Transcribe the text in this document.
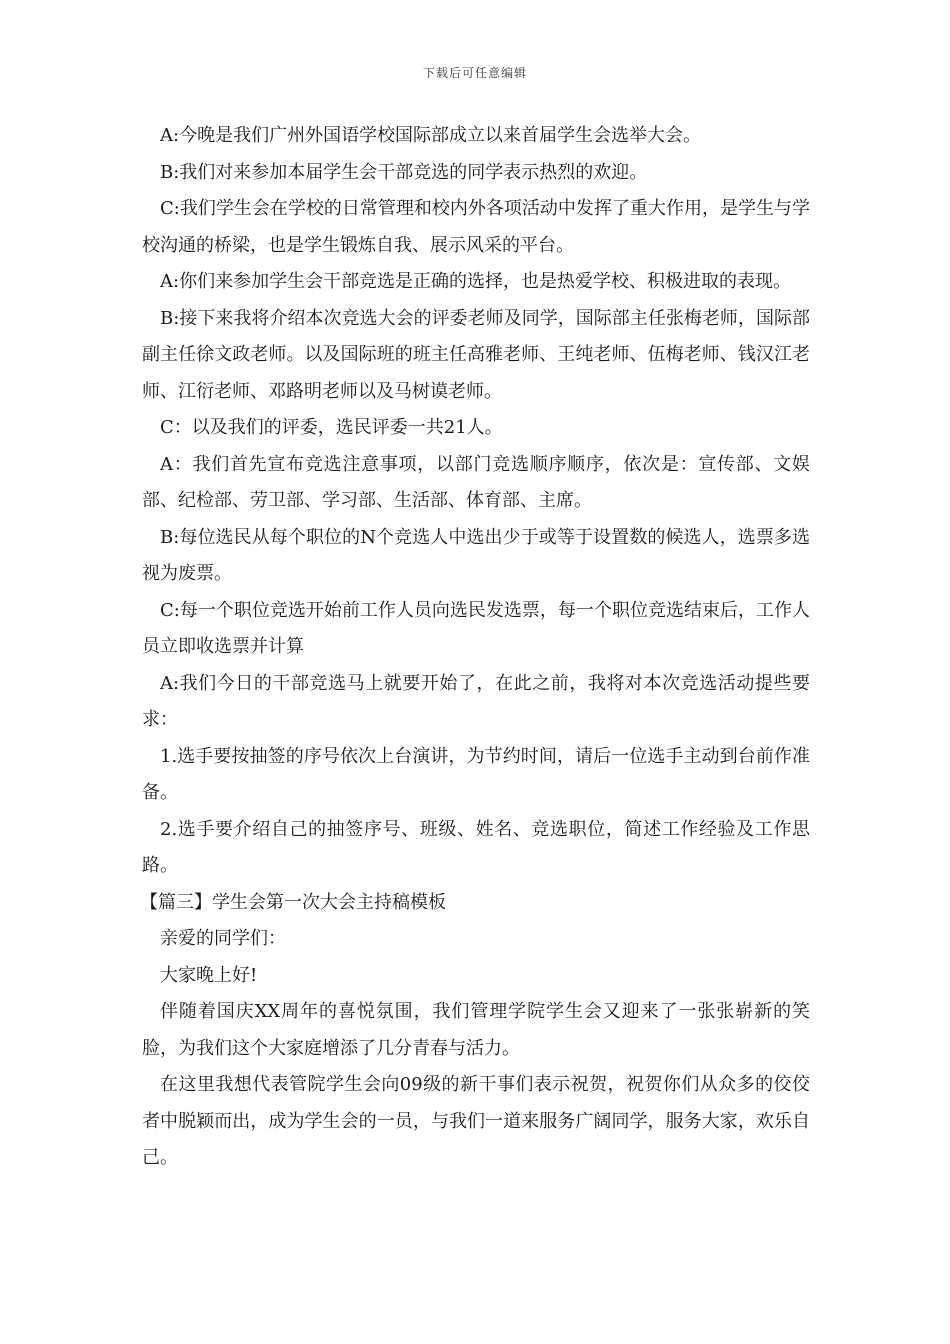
下载后可任意编辑

A:今晚是我们广州外国语学校国际部成立以来首届学生会选举大会。

B:我们对来参加本届学生会干部竞选的同学表示热烈的欢迎。

C:我们学生会在学校的日常管理和校内外各项活动中发挥了重大作用，是学生与学校沟通的桥梁，也是学生锻炼自我、展示风采的平台。

A:你们来参加学生会干部竞选是正确的选择，也是热爱学校、积极进取的表现。

B:接下来我将介绍本次竞选大会的评委老师及同学，国际部主任张梅老师，国际部副主任徐文政老师。以及国际班的班主任高雅老师、王纯老师、伍梅老师、钱汉江老师、江衍老师、邓路明老师以及马树谟老师。

C：以及我们的评委，选民评委一共21人。

A：我们首先宣布竞选注意事项，以部门竞选顺序顺序，依次是：宣传部、文娱部、纪检部、劳卫部、学习部、生活部、体育部、主席。

B:每位选民从每个职位的N个竞选人中选出少于或等于设置数的候选人，选票多选视为废票。

C:每一个职位竞选开始前工作人员向选民发选票，每一个职位竞选结束后，工作人员立即收选票并计算

A:我们今日的干部竞选马上就要开始了，在此之前，我将对本次竞选活动提些要求：

1.选手要按抽签的序号依次上台演讲，为节约时间，请后一位选手主动到台前作准备。

2.选手要介绍自己的抽签序号、班级、姓名、竞选职位，简述工作经验及工作思路。

【篇三】学生会第一次大会主持稿模板

亲爱的同学们：

大家晚上好!

伴随着国庆XX周年的喜悦氛围，我们管理学院学生会又迎来了一张张崭新的笑脸，为我们这个大家庭增添了几分青春与活力。

在这里我想代表管院学生会向09级的新干事们表示祝贺，祝贺你们从众多的佼佼者中脱颖而出，成为学生会的一员，与我们一道来服务广阔同学，服务大家，欢乐自己。
